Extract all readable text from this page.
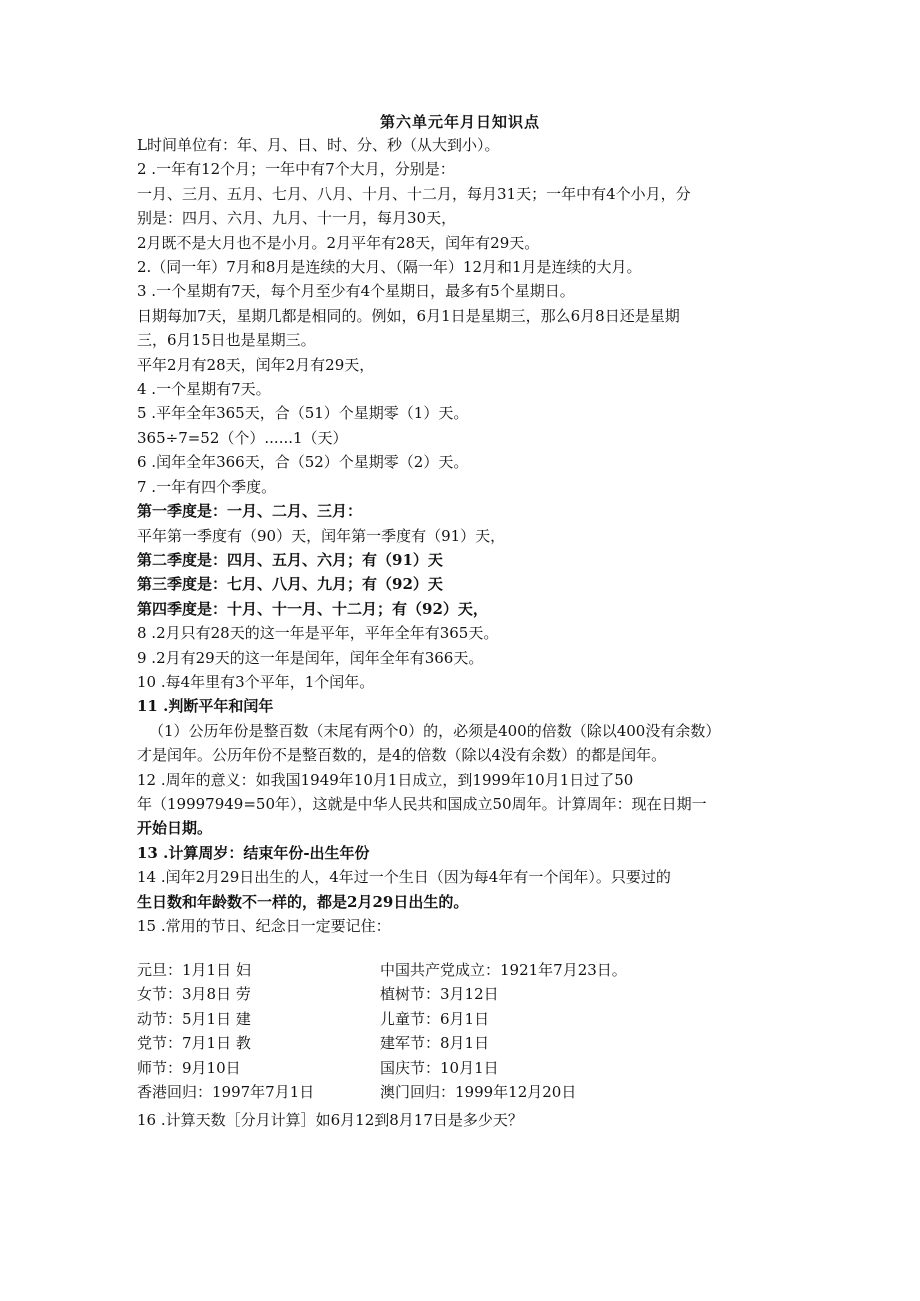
第六单元年月日知识点
L时间单位有：年、月、日、时、分、秒（从大到小）。
2 .一年有12个月；一年中有7个大月，分别是：
一月、三月、五月、七月、八月、十月、十二月，每月31天；一年中有4个小月，分
别是：四月、六月、九月、十一月，每月30天，
2月既不是大月也不是小月。2月平年有28天，闰年有29天。
2.（同一年）7月和8月是连续的大月、（隔一年）12月和1月是连续的大月。
3 .一个星期有7天，每个月至少有4个星期日，最多有5个星期日。
日期每加7天，星期几都是相同的。例如，6月1日是星期三，那么6月8日还是星期
三，6月15日也是星期三。
平年2月有28天，闰年2月有29天，
4 .一个星期有7天。
5 .平年全年365天，合（51）个星期零（1）天。
365÷7=52（个）......1（天）
6 .闰年全年366天，合（52）个星期零（2）天。
7 .一年有四个季度。
第一季度是：一月、二月、三月：
平年第一季度有（90）天，闰年第一季度有（91）天，
第二季度是：四月、五月、六月；有（91）天
第三季度是：七月、八月、九月；有（92）天
第四季度是：十月、十一月、十二月；有（92）天，
8 .2月只有28天的这一年是平年，平年全年有365天。
9 .2月有29天的这一年是闰年，闰年全年有366天。
10 .每4年里有3个平年，1个闰年。
11 .判断平年和闰年
（1）公历年份是整百数（末尾有两个0）的，必须是400的倍数（除以400没有余数）
才是闰年。公历年份不是整百数的，是4的倍数（除以4没有余数）的都是闰年。
12 .周年的意义：如我国1949年10月1日成立，到1999年10月1日过了50
年（19997949=50年），这就是中华人民共和国成立50周年。计算周年：现在日期一
开始日期。
13 .计算周岁：结束年份-出生年份
14 .闰年2月29日出生的人，4年过一个生日（因为每4年有一个闰年）。只要过的
生日数和年龄数不一样的，都是2月29日出生的。
15 .常用的节日、纪念日一定要记住：
元旦：1月1日 妇	中国共产党成立：1921年7月23日。
女节：3月8日 劳	植树节：3月12日
动节：5月1日 建	儿童节：6月1日
党节：7月1日 教	建军节：8月1日
师节：9月10日	国庆节：10月1日
香港回归：1997年7月1日	澳门回归：1999年12月20日
16 .计算天数［分月计算］如6月12到8月17日是多少天？
